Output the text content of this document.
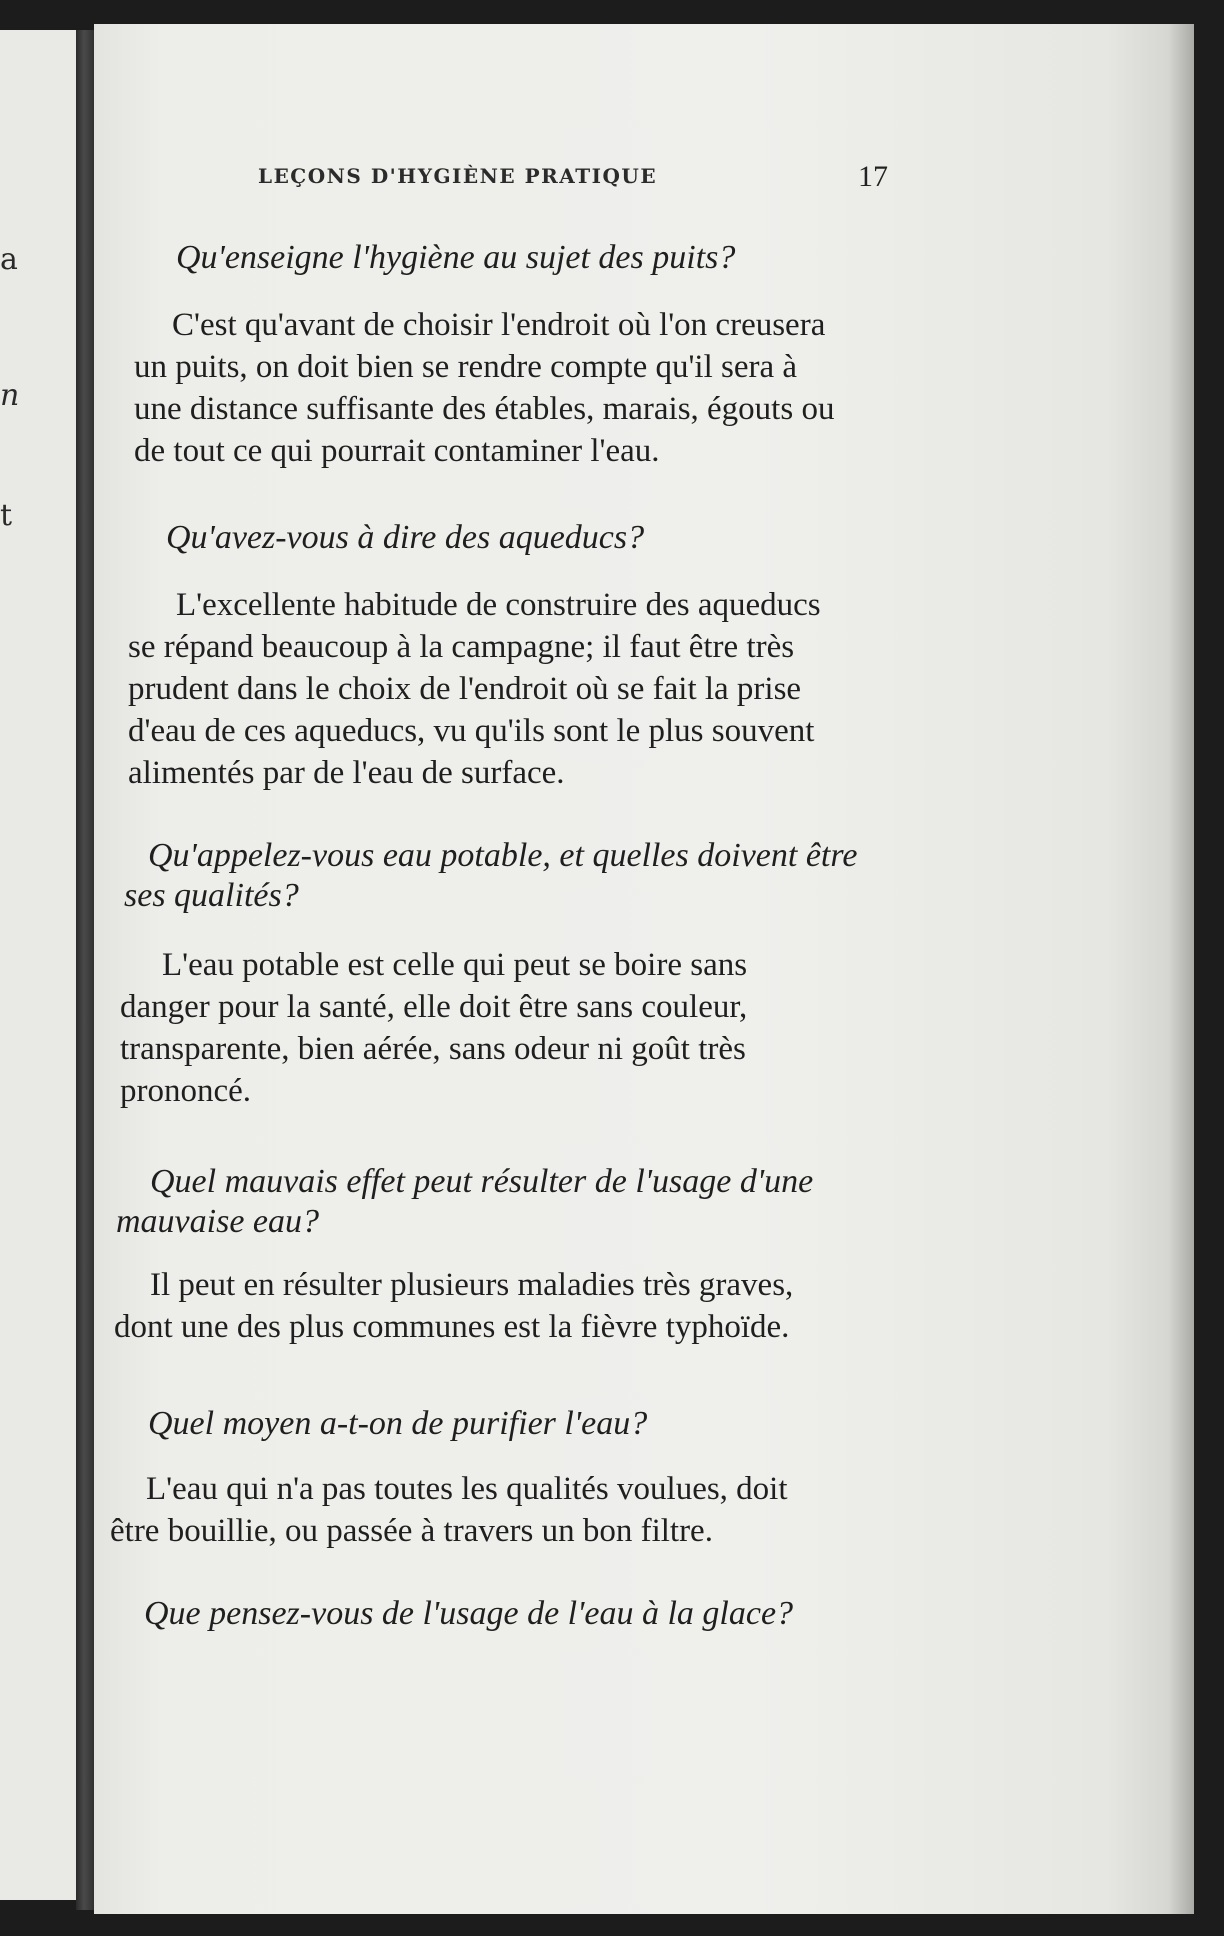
a
n
t
LEÇONS D'HYGIÈNE PRATIQUE	17
Qu'enseigne l'hygiène au sujet des puits?
C'est qu'avant de choisir l'endroit où l'on creusera
un puits, on doit bien se rendre compte qu'il sera à
une distance suffisante des étables, marais, égouts ou
de tout ce qui pourrait contaminer l'eau.
Qu'avez-vous à dire des aqueducs?
L'excellente habitude de construire des aqueducs
se répand beaucoup à la campagne; il faut être très
prudent dans le choix de l'endroit où se fait la prise
d'eau de ces aqueducs, vu qu'ils sont le plus souvent
alimentés par de l'eau de surface.
Qu'appelez-vous eau potable, et quelles doivent être
ses qualités?
L'eau potable est celle qui peut se boire sans
danger pour la santé, elle doit être sans couleur,
transparente, bien aérée, sans odeur ni goût très
prononcé.
Quel mauvais effet peut résulter de l'usage d'une
mauvaise eau?
Il peut en résulter plusieurs maladies très graves,
dont une des plus communes est la fièvre typhoïde.
Quel moyen a-t-on de purifier l'eau?
L'eau qui n'a pas toutes les qualités voulues, doit
être bouillie, ou passée à travers un bon filtre.
Que pensez-vous de l'usage de l'eau à la glace?
